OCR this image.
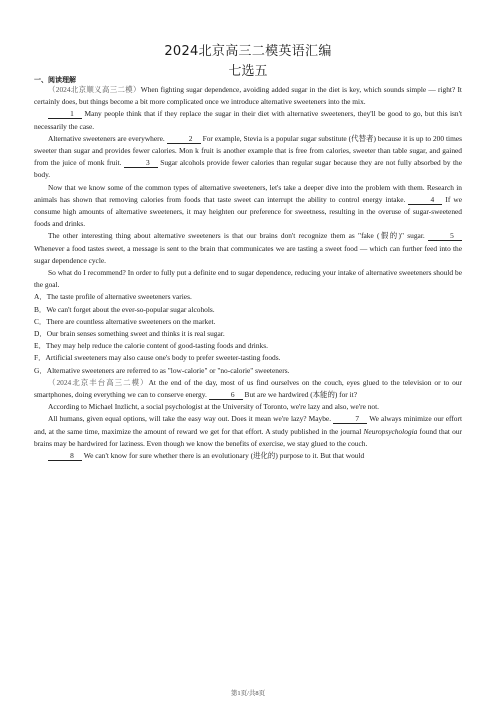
2024北京高三二模英语汇编
七选五
一、阅读理解

（2024北京顺义高三二模）When fighting sugar dependence, avoiding added sugar in the diet is key, which sounds simple — right? It certainly does, but things become a bit more complicated once we introduce alternative sweeteners into the mix.

1 Many people think that if they replace the sugar in their diet with alternative sweeteners, they'll be good to go, but this isn't necessarily the case.

Alternative sweeteners are everywhere.	2 For example, Stevia is a popular sugar substitute (代替者) because it is up to 200 times sweeter than sugar and provides fewer calories. Mon k fruit is another example that is free from calories, sweeter than table sugar, and gained from the juice of monk fruit.	3 Sugar alcohols provide fewer calories than regular sugar because they are not fully absorbed by the body.

Now that we know some of the common types of alternative sweeteners, let's take a deeper dive into the problem with them. Research in animals has shown that removing calories from foods that taste sweet can interrupt the ability to control energy intake.	4 If we consume high amounts of alternative sweeteners, it may heighten our preference for sweetness, resulting in the overuse of sugar-sweetened foods and drinks.

The other interesting thing about alternative sweeteners is that our brains don't recognize them as "fake (假的)" sugar.	5 Whenever a food tastes sweet, a message is sent to the brain that communicates we are tasting a sweet food — which can further feed into the sugar dependence cycle.

So what do I recommend? In order to fully put a definite end to sugar dependence, reducing your intake of alternative sweeteners should be the goal.

A．The taste profile of alternative sweeteners varies.

B．We can't forget about the ever-so-popular sugar alcohols.

C．There are countless alternative sweeteners on the market.

D．Our brain senses something sweet and thinks it is real sugar.

E．They may help reduce the calorie content of good-tasting foods and drinks.

F．Artificial sweeteners may also cause one's body to prefer sweeter-tasting foods.

G．Alternative sweeteners are referred to as "low-calorie" or "no-calorie" sweeteners.

（2024北京丰台高三二模）At the end of the day, most of us find ourselves on the couch, eyes glued to the television or to our smartphones, doing everything we can to conserve energy.	6 But are we hardwired (本能的) for it?

According to Michael Inzlicht, a social psychologist at the University of Toronto, we're lazy and also, we're not.

All humans, given equal options, will take the easy way out. Does it mean we're lazy? Maybe.	7 We always minimize our effort and, at the same time, maximize the amount of reward we get for that effort. A study published in the journal Neuropsychologia found that our brains may be hardwired for laziness. Even though we know the benefits of exercise, we stay glued to the couch.

8 We can't know for sure whether there is an evolutionary (进化的) purpose to it. But that would

第1页/共8页
